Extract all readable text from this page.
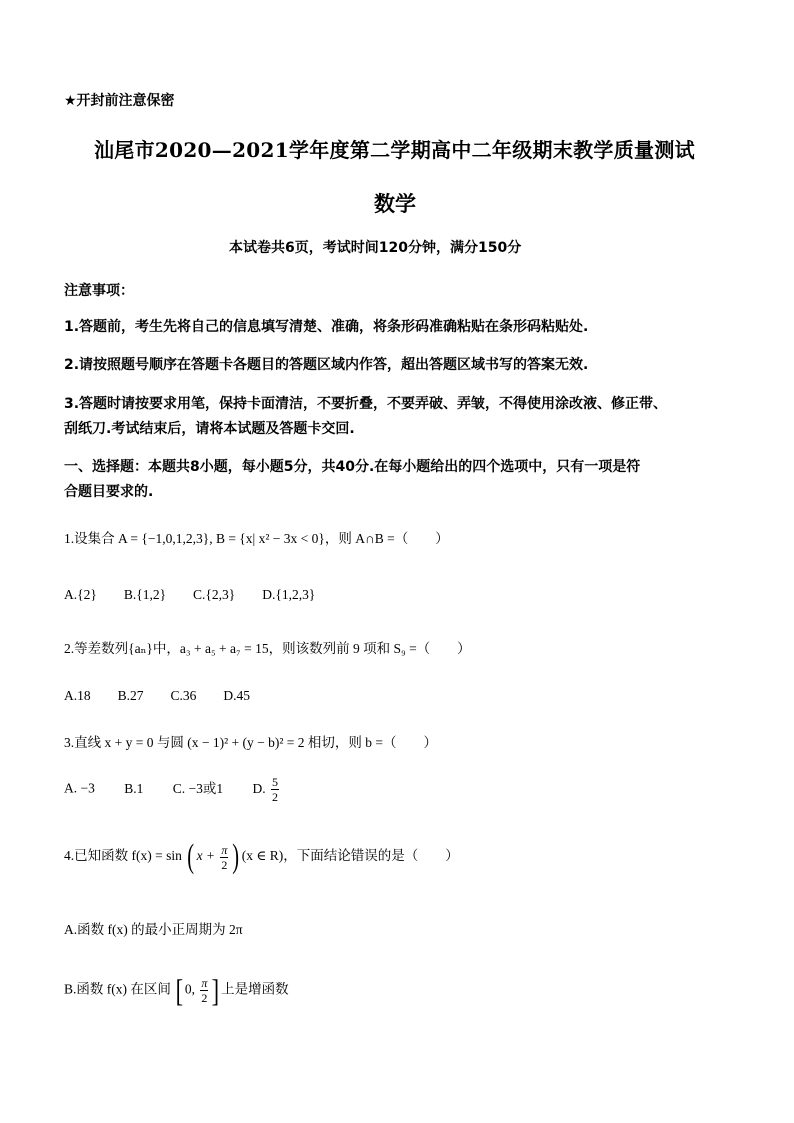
★开封前注意保密
汕尾市2020—2021学年度第二学期高中二年级期末教学质量测试
数学
本试卷共6页，考试时间120分钟，满分150分
注意事项：
1.答题前，考生先将自己的信息填写清楚、准确，将条形码准确粘贴在条形码粘贴处.
2.请按照题号顺序在答题卡各题目的答题区域内作答，超出答题区域书写的答案无效.
3.答题时请按要求用笔，保持卡面清洁，不要折叠，不要弄破、弄皱，不得使用涂改液、修正带、
刮纸刀.考试结束后，请将本试题及答题卡交回.
一、选择题：本题共8小题，每小题5分，共40分.在每小题给出的四个选项中，只有一项是符
合题目要求的.
1.设集合 A = {−1,0,1,2,3}, B = {x| x² − 3x < 0}，则 A∩B =（　　）
A.{2}　　B.{1,2}　　C.{2,3}　　D.{1,2,3}
2.等差数列{aₙ}中，a₃ + a₅ + a₇ = 15，则该数列前 9 项和 S₉ =（　　）
A.18　　B.27　　C.36　　D.45
3.直线 x + y = 0 与圆 (x − 1)² + (y − b)² = 2 相切，则 b =（　　）
A. −3 B.1 C. −3或1 D. $\frac{5}{2}$
4.已知函数 f(x) = sin ( $x + \frac{\pi}{2}$ ) (x ∈ R)，下面结论错误的是（　　）
A.函数 f(x) 的最小正周期为 2π
B.函数 f(x) 在区间 [ 0, $\frac{\pi}{2}$ ] 上是增函数
